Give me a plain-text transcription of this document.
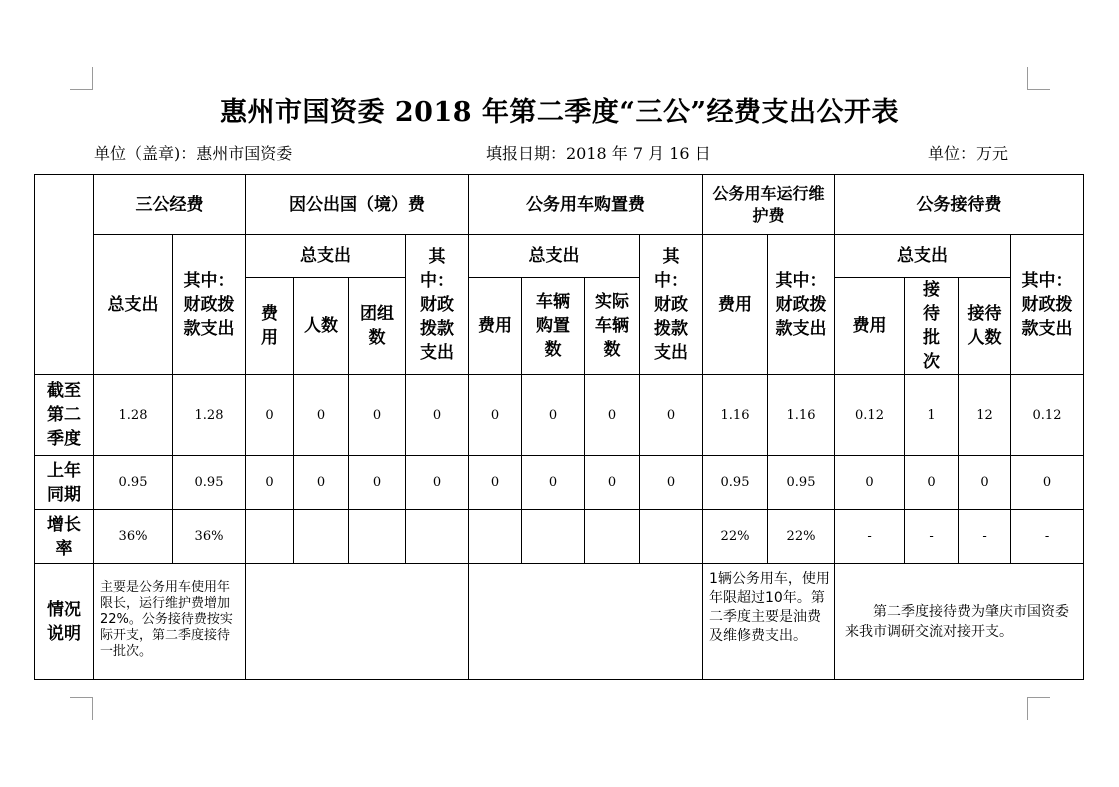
惠州市国资委 2018 年第二季度“三公”经费支出公开表
单位（盖章)：惠州市国资委	填报日期：2018 年 7 月 16 日	单位：万元
	三公经费		因公出国（境）费				公务用车购置费				公务用车运行维护费		公务接待费			
	总支出	其中：财政拨款支出	总支出			其中：财政拨款支出	总支出			其中：财政拨款支出	费用	其中：财政拨款支出	总支出			其中：财政拨款支出
			费用	人数	团组数		费用	车辆购置数	实际车辆数				费用	接待批次	接待人数	
截至第二季度	1.28	1.28	0	0	0	0	0	0	0	0	1.16	1.16	0.12	1	12	0.12
上年同期	0.95	0.95	0	0	0	0	0	0	0	0	0.95	0.95	0	0	0	0
增长率	36%	36%									22%	22%	-	-	-	-
情况说明	主要是公务用车使用年限长，运行维护费增加22%。公务接待费按实际开支，第二季度接待一批次。										1辆公务用车，使用年限超过10年。第二季度主要是油费及维修费支出。		第二季度接待费为肇庆市国资委来我市调研交流对接开支。			
